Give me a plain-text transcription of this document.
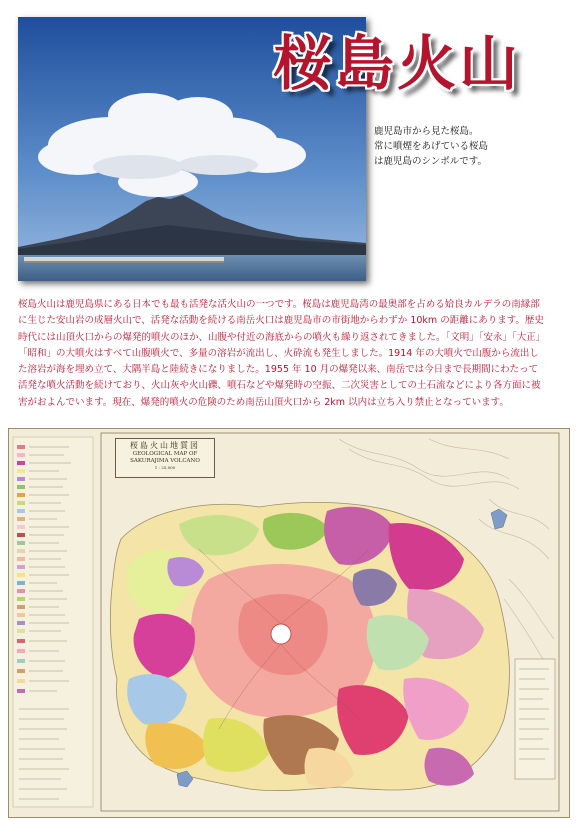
桜島火山
鹿児島市から見た桜島。
常に噴煙をあげている桜島
は鹿児島のシンボルです。
桜島火山は鹿児島県にある日本でも最も活発な活火山の一つです。桜島は鹿児島湾の最奥部を占める姶良カルデラの南縁部
に生じた安山岩の成層火山で、活発な活動を続ける南岳火口は鹿児島市の市街地からわずか 10km の距離にあります。歴史
時代には山頂火口からの爆発的噴火のほか、山腹や付近の海底からの噴火も繰り返されてきました。「文明」「安永」「大正」
「昭和」の大噴火はすべて山腹噴火で、多量の溶岩が流出し、火砕流も発生しました。1914 年の大噴火で山腹から流出し
た溶岩が海を埋め立て、大隅半島と陸続きになりました。1955 年 10 月の爆発以来、南岳では今日まで長期間にわたって
活発な噴火活動を続けており、火山灰や火山礫、噴石などや爆発時の空振、二次災害としての土石流などにより各方面に被
害がおよんでいます。現在、爆発的噴火の危険のため南岳山頂火口から 2km 以内は立ち入り禁止となっています。
桜島火山地質図
GEOLOGICAL MAP OF
SAKURAJIMA VOLCANO
1 : 25,000
